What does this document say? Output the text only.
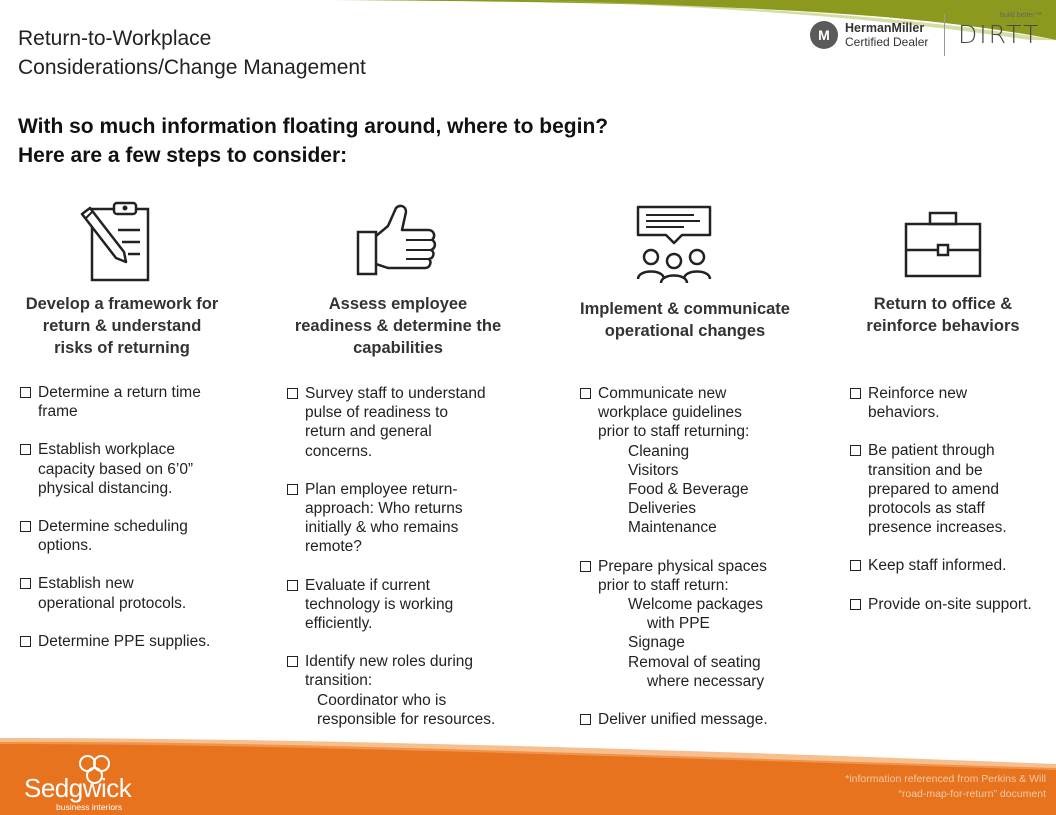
Return-to-Workplace
Considerations/Change Management
M	HermanMiller
Certified Dealer
build better™
DIRTT
With so much information floating around, where to begin?
Here are a few steps to consider:
Develop a framework for
return & understand
risks of returning
Assess employee
readiness & determine the
capabilities
Implement & communicate
operational changes
Return to office &
reinforce behaviors
Determine a return time
frame
Establish workplace
capacity based on 6’0”
physical distancing.
Determine scheduling
options.
Establish new
operational protocols.
Determine PPE supplies.
Survey staff to understand
pulse of readiness to
return and general
concerns.
Plan employee return-
approach: Who returns
initially & who remains
remote?
Evaluate if current
technology is working
efficiently.
Identify new roles during
transition:
Coordinator who is
responsible for resources.
Communicate new
workplace guidelines
prior to staff returning:
Cleaning
Visitors
Food & Beverage
Deliveries
Maintenance
Prepare physical spaces
prior to staff return:
Welcome packages
with PPE
Signage
Removal of seating
where necessary
Deliver unified message.
Reinforce new
behaviors.
Be patient through
transition and be
prepared to amend
protocols as staff
presence increases.
Keep staff informed.
Provide on-site support.
Sedgwick
business interiors
*information referenced from Perkins & Will
“road-map-for-return” document
